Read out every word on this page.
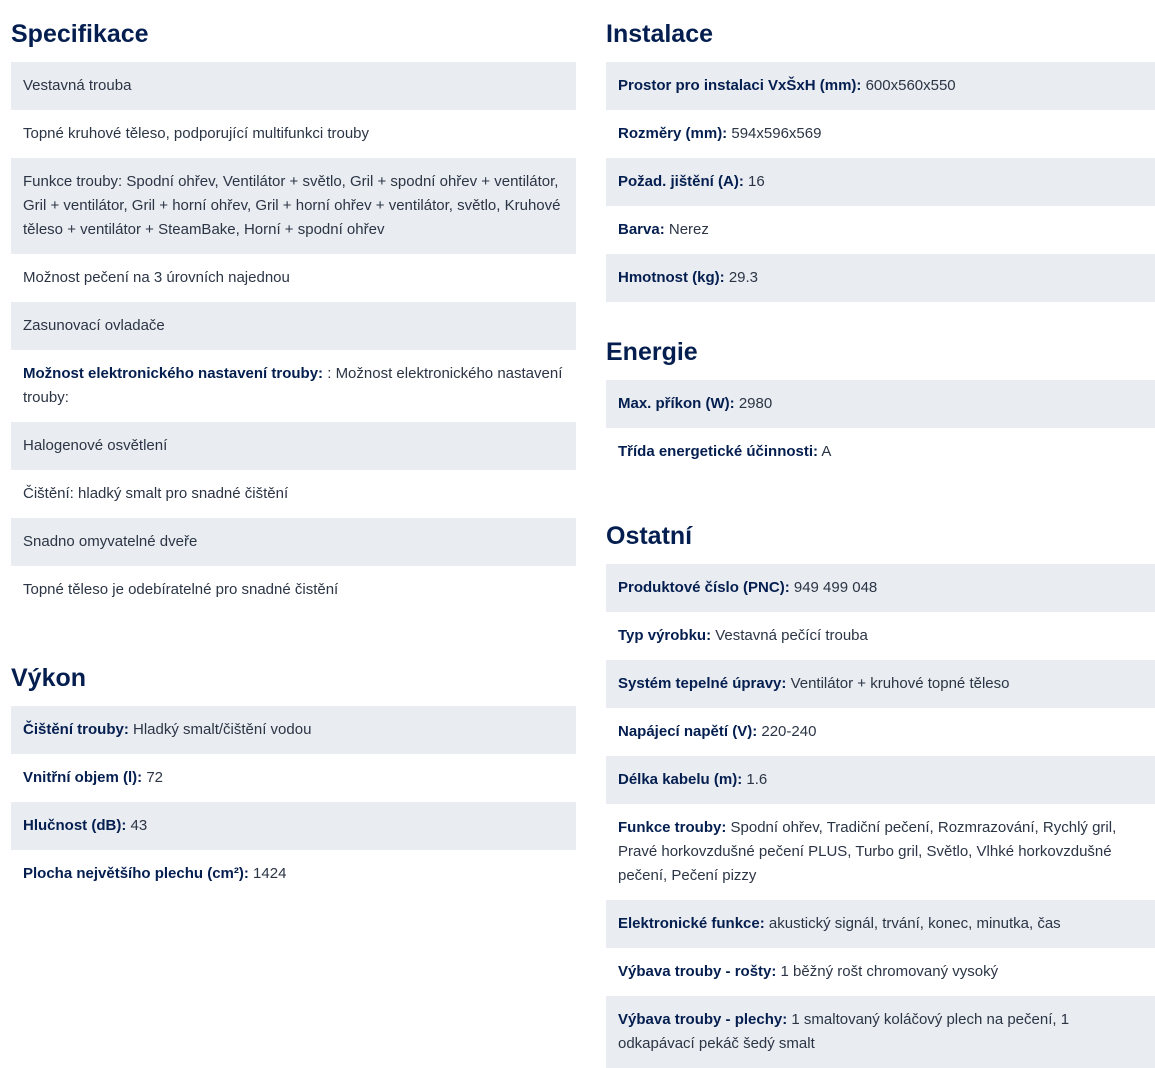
Specifikace
Vestavná trouba
Topné kruhové těleso, podporující multifunkci trouby
Funkce trouby: Spodní ohřev, Ventilátor + světlo, Gril + spodní ohřev + ventilátor, Gril + ventilátor, Gril + horní ohřev, Gril + horní ohřev + ventilátor, světlo, Kruhové těleso + ventilátor + SteamBake, Horní + spodní ohřev
Možnost pečení na 3 úrovních najednou
Zasunovací ovladače
Možnost elektronického nastavení trouby: : Možnost elektronického nastavení trouby:
Halogenové osvětlení
Čištění: hladký smalt pro snadné čištění
Snadno omyvatelné dveře
Topné těleso je odebíratelné pro snadné čistění
Výkon
Čištění trouby: Hladký smalt/čištění vodou
Vnitřní objem (l): 72
Hlučnost (dB): 43
Plocha největšího plechu (cm²): 1424
Instalace
Prostor pro instalaci VxŠxH (mm): 600x560x550
Rozměry (mm): 594x596x569
Požad. jištění (A): 16
Barva: Nerez
Hmotnost (kg): 29.3
Energie
Max. příkon (W): 2980
Třída energetické účinnosti: A
Ostatní
Produktové číslo (PNC): 949 499 048
Typ výrobku: Vestavná pečící trouba
Systém tepelné úpravy: Ventilátor + kruhové topné těleso
Napájecí napětí (V): 220-240
Délka kabelu (m): 1.6
Funkce trouby: Spodní ohřev, Tradiční pečení, Rozmrazování, Rychlý gril, Pravé horkovzdušné pečení PLUS, Turbo gril, Světlo, Vlhké horkovzdušné pečení, Pečení pizzy
Elektronické funkce: akustický signál, trvání, konec, minutka, čas
Výbava trouby - rošty: 1 běžný rošt chromovaný vysoký
Výbava trouby - plechy: 1 smaltovaný koláčový plech na pečení, 1 odkapávací pekáč šedý smalt
